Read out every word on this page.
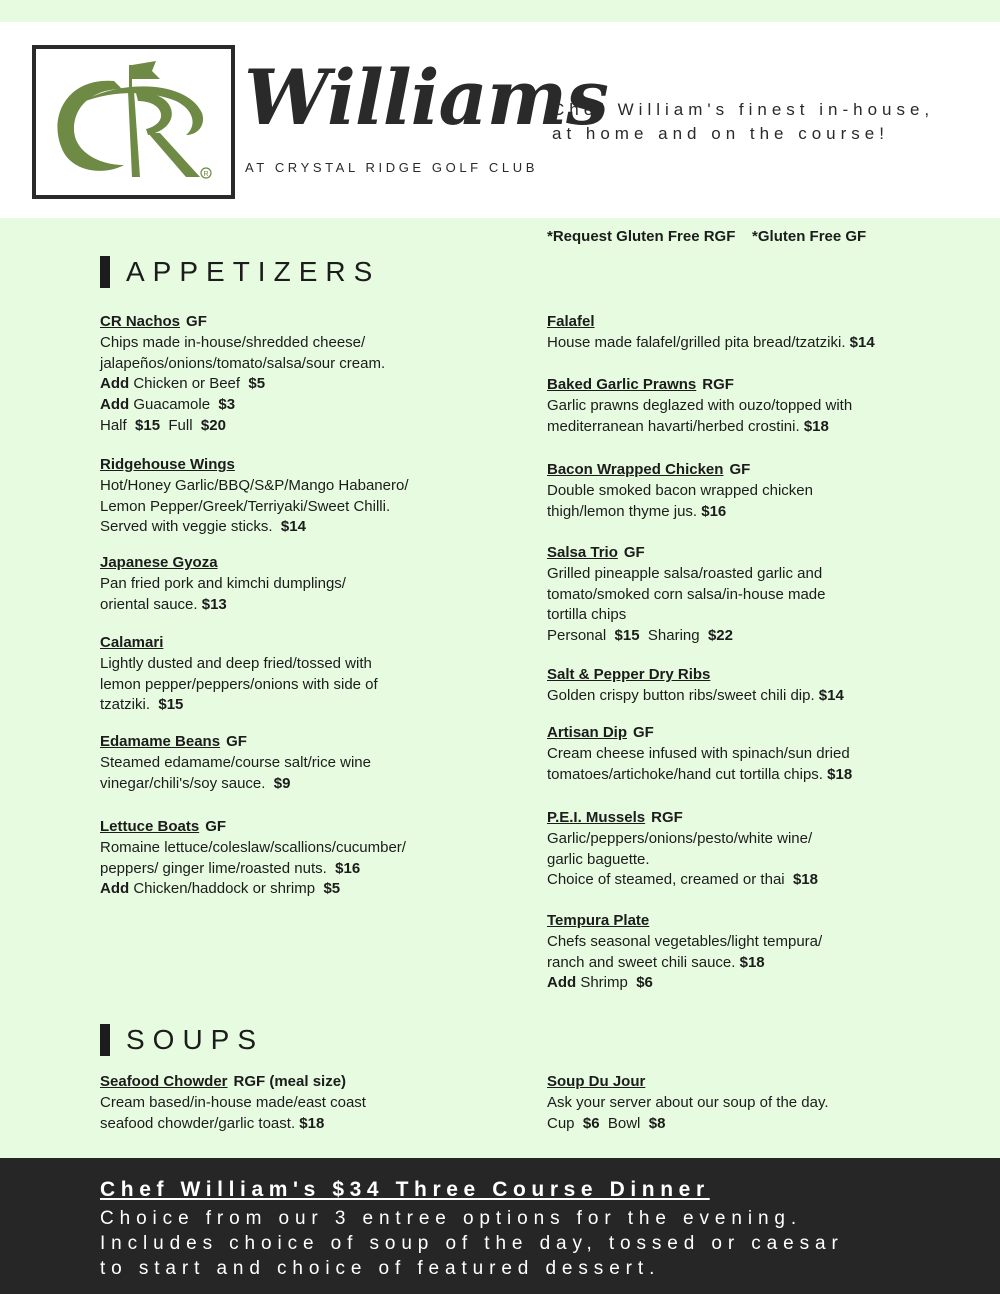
R
Williams
AT CRYSTAL RIDGE GOLF CLUB
Chef William's finest in-house,
at home and on the course!
*Request Gluten Free RGF    *Gluten Free GF
APPETIZERS
SOUPS
CR Nachos GF
Chips made in-house/shredded cheese/
jalapeños/onions/tomato/salsa/sour cream.
Add Chicken or Beef  $5
Add Guacamole  $3
Half  $15  Full  $20
Ridgehouse Wings
Hot/Honey Garlic/BBQ/S&P/Mango Habanero/
Lemon Pepper/Greek/Terriyaki/Sweet Chilli.
Served with veggie sticks.  $14
Japanese Gyoza
Pan fried pork and kimchi dumplings/
oriental sauce. $13
Calamari
Lightly dusted and deep fried/tossed with
lemon pepper/peppers/onions with side of
tzatziki.  $15
Edamame Beans GF
Steamed edamame/course salt/rice wine
vinegar/chili's/soy sauce.  $9
Lettuce Boats GF
Romaine lettuce/coleslaw/scallions/cucumber/
peppers/ ginger lime/roasted nuts.  $16
Add Chicken/haddock or shrimp  $5
Falafel
House made falafel/grilled pita bread/tzatziki. $14
Baked Garlic Prawns RGF
Garlic prawns deglazed with ouzo/topped with
mediterranean havarti/herbed crostini. $18
Bacon Wrapped Chicken GF
Double smoked bacon wrapped chicken
thigh/lemon thyme jus. $16
Salsa Trio GF
Grilled pineapple salsa/roasted garlic and
tomato/smoked corn salsa/in-house made
tortilla chips
Personal  $15  Sharing  $22
Salt & Pepper Dry Ribs
Golden crispy button ribs/sweet chili dip. $14
Artisan Dip GF
Cream cheese infused with spinach/sun dried
tomatoes/artichoke/hand cut tortilla chips. $18
P.E.I. Mussels RGF
Garlic/peppers/onions/pesto/white wine/
garlic baguette.
Choice of steamed, creamed or thai  $18
Tempura Plate
Chefs seasonal vegetables/light tempura/
ranch and sweet chili sauce. $18
Add Shrimp  $6
Seafood Chowder RGF (meal size)
Cream based/in-house made/east coast
seafood chowder/garlic toast. $18
Soup Du Jour
Ask your server about our soup of the day.
Cup  $6  Bowl  $8
Chef William's $34 Three Course Dinner
Choice from our 3 entree options for the evening.
Includes choice of soup of the day, tossed or caesar
to start and choice of featured dessert.
